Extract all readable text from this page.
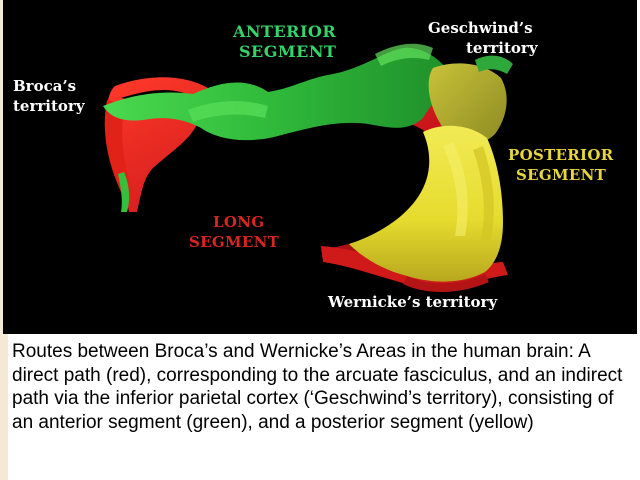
ANTERIOR
SEGMENT
Geschwind’s
territory
Broca’s
territory
POSTERIOR
SEGMENT
LONG
SEGMENT
Wernicke’s territory

Routes between Broca’s and Wernicke’s Areas in the human brain: A direct path (red), corresponding to the arcuate fasciculus, and an indirect path via the inferior parietal cortex (‘Geschwind’s territory), consisting of an anterior segment (green), and a posterior segment (yellow)
